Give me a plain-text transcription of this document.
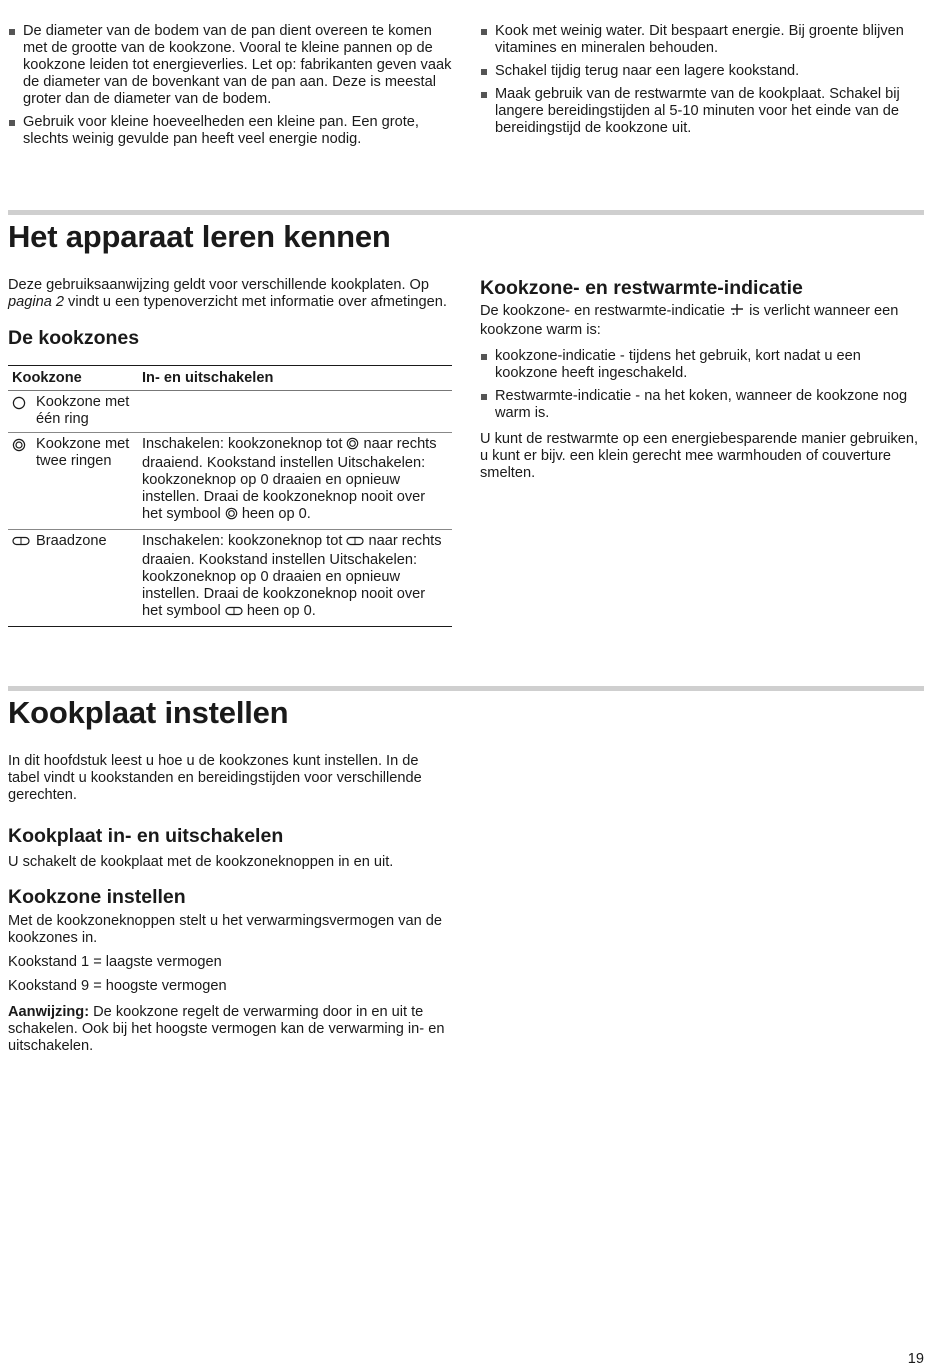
De diameter van de bodem van de pan dient overeen te komen met de grootte van de kookzone. Vooral te kleine pannen op de kookzone leiden tot energieverlies. Let op: fabrikanten geven vaak de diameter van de bovenkant van de pan aan. Deze is meestal groter dan de diameter van de bodem.
Gebruik voor kleine hoeveelheden een kleine pan. Een grote, slechts weinig gevulde pan heeft veel energie nodig.
Kook met weinig water. Dit bespaart energie. Bij groente blijven vitamines en mineralen behouden.
Schakel tijdig terug naar een lagere kookstand.
Maak gebruik van de restwarmte van de kookplaat. Schakel bij langere bereidingstijden al 5-10 minuten voor het einde van de bereidingstijd de kookzone uit.
Het apparaat leren kennen

Deze gebruiksaanwijzing geldt voor verschillende kookplaten. Op pagina 2 vindt u een typenoverzicht met informatie over afmetingen.

De kookzones
Kookzone	In- en uitschakelen

Kookzone met één ring	

Kookzone met twee ringen	Inschakelen: kookzoneknop tot naar rechts draaiend. Kookstand instellen Uitschakelen: kookzoneknop op 0 draaien en opnieuw instellen. Draai de kookzoneknop nooit over het symbool heen op 0.

Braadzone	Inschakelen: kookzoneknop tot naar rechts draaien. Kookstand instellen Uitschakelen: kookzoneknop op 0 draaien en opnieuw instellen. Draai de kookzoneknop nooit over het symbool heen op 0.
Kookzone- en restwarmte-indicatie

De kookzone- en restwarmte-indicatie is verlicht wanneer een kookzone warm is:

kookzone-indicatie - tijdens het gebruik, kort nadat u een kookzone heeft ingeschakeld.
Restwarmte-indicatie - na het koken, wanneer de kookzone nog warm is.

U kunt de restwarmte op een energiebesparende manier gebruiken, u kunt er bijv. een klein gerecht mee warmhouden of couverture smelten.

Kookplaat instellen

In dit hoofdstuk leest u hoe u de kookzones kunt instellen. In de tabel vindt u kookstanden en bereidingstijden voor verschillende gerechten.

Kookplaat in- en uitschakelen

U schakelt de kookplaat met de kookzoneknoppen in en uit.

Kookzone instellen

Met de kookzoneknoppen stelt u het verwarmingsvermogen van de kookzones in.

Kookstand 1 = laagste vermogen

Kookstand 9 = hoogste vermogen

Aanwijzing: De kookzone regelt de verwarming door in en uit te schakelen. Ook bij het hoogste vermogen kan de verwarming in- en uitschakelen.

19
